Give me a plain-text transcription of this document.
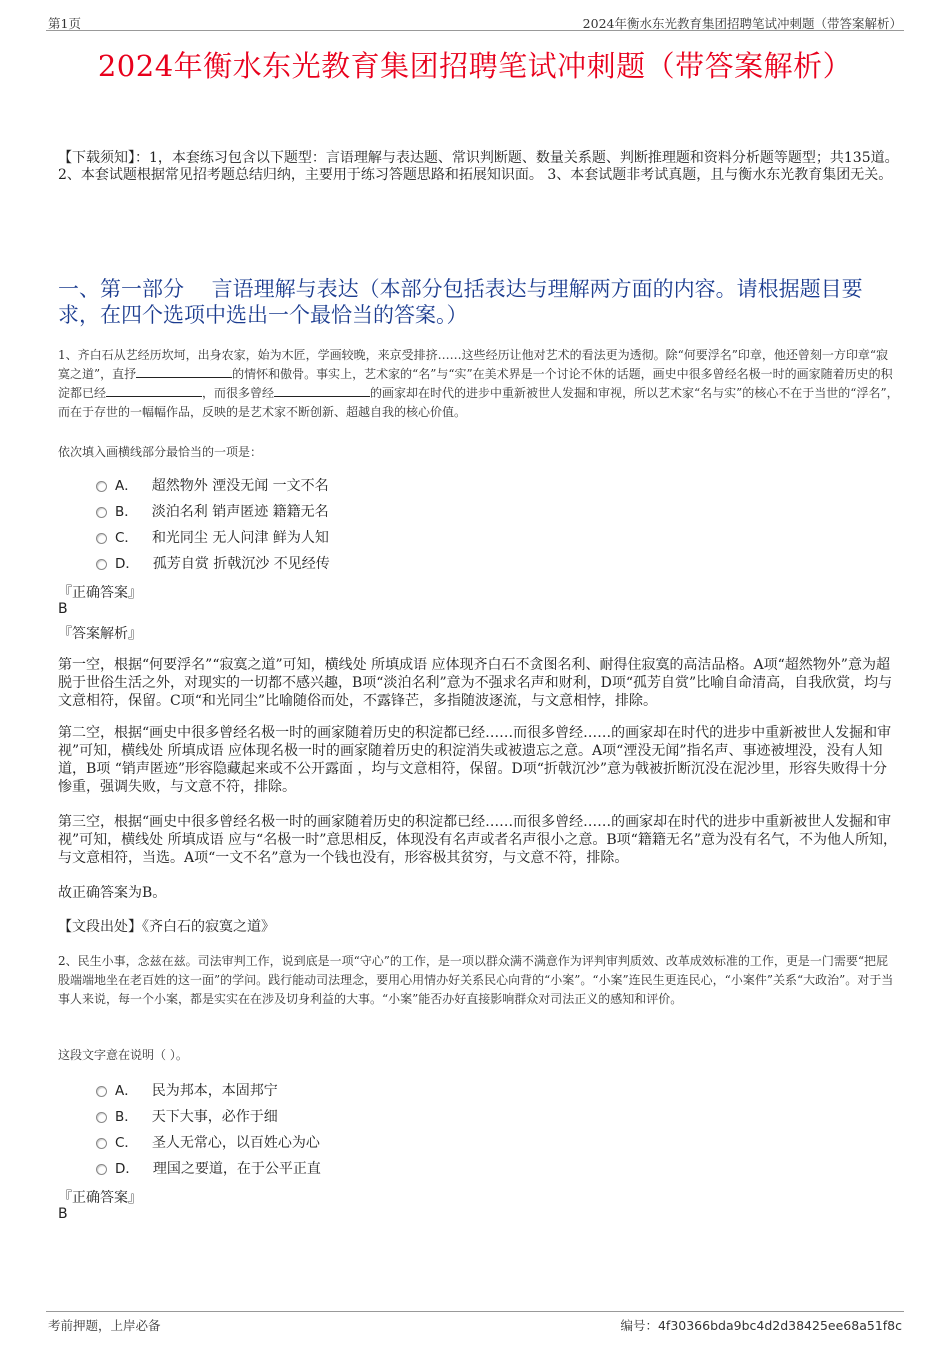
第1页	2024年衡水东光教育集团招聘笔试冲刺题（带答案解析）
2024年衡水东光教育集团招聘笔试冲刺题（带答案解析）
【下载须知】：1，本套练习包含以下题型：言语理解与表达题、常识判断题、数量关系题、判断推理题和资料分析题等题型；共135道。 2、本套试题根据常见招考题总结归纳，主要用于练习答题思路和拓展知识面。 3、本套试题非考试真题，且与衡水东光教育集团无关。
一、第一部分　 言语理解与表达（本部分包括表达与理解两方面的内容。请根据题目要求，在四个选项中选出一个最恰当的答案。）
1、齐白石从艺经历坎坷，出身农家，始为木匠，学画较晚，来京受排挤……这些经历让他对艺术的看法更为透彻。除“何要浮名”印章，他还曾刻一方印章“寂寞之道”，直抒	的情怀和傲骨。事实上，艺术家的“名”与“实”在美术界是一个讨论不休的话题，画史中很多曾经名极一时的画家随着历史的积淀都已经	，而很多曾经	的画家却在时代的进步中重新被世人发掘和审视，所以艺术家“名与实”的核心不在于当世的“浮名”，而在于存世的一幅幅作品，反映的是艺术家不断创新、超越自我的核心价值。
依次填入画横线部分最恰当的一项是：
A． 超然物外 湮没无闻 一文不名
B． 淡泊名利 销声匿迹 籍籍无名
C． 和光同尘 无人问津 鲜为人知
D． 孤芳自赏 折戟沉沙 不见经传
『正确答案』
B
『答案解析』
第一空，根据“何要浮名”“寂寞之道”可知，横线处 所填成语 应体现齐白石不贪图名利、耐得住寂寞的高洁品格。A项“超然物外”意为超脱于世俗生活之外，对现实的一切都不感兴趣，B项“淡泊名利”意为不强求名声和财利，D项“孤芳自赏”比喻自命清高，自我欣赏，均与文意相符，保留。C项“和光同尘”比喻随俗而处，不露锋芒，多指随波逐流，与文意相悖，排除。
第二空，根据“画史中很多曾经名极一时的画家随着历史的积淀都已经……而很多曾经……的画家却在时代的进步中重新被世人发掘和审视”可知，横线处 所填成语 应体现名极一时的画家随着历史的积淀消失或被遗忘之意。A项“湮没无闻”指名声、事迹被埋没，没有人知道，B项 “销声匿迹”形容隐藏起来或不公开露面 ，均与文意相符，保留。D项“折戟沉沙”意为戟被折断沉没在泥沙里，形容失败得十分惨重，强调失败，与文意不符，排除。
第三空，根据“画史中很多曾经名极一时的画家随着历史的积淀都已经……而很多曾经……的画家却在时代的进步中重新被世人发掘和审视”可知，横线处 所填成语 应与“名极一时”意思相反，体现没有名声或者名声很小之意。B项“籍籍无名”意为没有名气，不为他人所知，与文意相符，当选。A项“一文不名”意为一个钱也没有，形容极其贫穷，与文意不符，排除。
故正确答案为B。
【文段出处】《齐白石的寂寞之道》
2、民生小事，念兹在兹。司法审判工作，说到底是一项“守心”的工作，是一项以群众满不满意作为评判审判质效、改革成效标准的工作，更是一门需要“把屁股端端地坐在老百姓的这一面”的学问。践行能动司法理念，要用心用情办好关系民心向背的“小案”。“小案”连民生更连民心，“小案件”关系“大政治”。对于当事人来说，每一个小案，都是实实在在涉及切身利益的大事。“小案”能否办好直接影响群众对司法正义的感知和评价。
这段文字意在说明（ ）。
A． 民为邦本，本固邦宁
B． 天下大事，必作于细
C． 圣人无常心，以百姓心为心
D． 理国之要道，在于公平正直
『正确答案』
B
考前押题，上岸必备	编号：4f30366bda9bc4d2d38425ee68a51f8c
